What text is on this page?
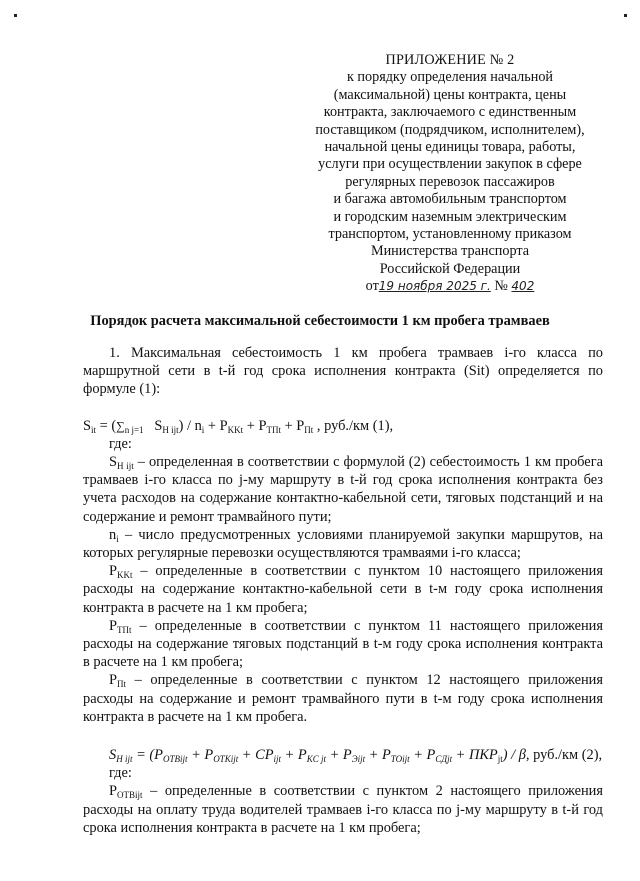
ПРИЛОЖЕНИЕ № 2
к порядку определения начальной
(максимальной) цены контракта, цены
контракта, заключаемого с единственным
поставщиком (подрядчиком, исполнителем),
начальной цены единицы товара, работы,
услуги при осуществлении закупок в сфере
регулярных перевозок пассажиров
и багажа автомобильным транспортом
и городским наземным электрическим
транспортом, установленному приказом
Министерства транспорта
Российской Федерации
от19 ноября 2025 г. № 402
Порядок расчета максимальной себестоимости 1 км пробега трамваев

1. Максимальная себестоимость 1 км пробега трамваев i-го класса по маршрутной сети в t-й год срока исполнения контракта (Sit) определяется по формуле (1):

$S_{it} = (\sum_{n j=1}$ $S_{H ijt}) / n_i + P_{KKt} + P_{ТПt} + P_{Пt}$ , руб./км (1),

где:

$S_{H ijt}$ – определенная в соответствии с формулой (2) себестоимость 1 км пробега трамваев i-го класса по j-му маршруту в t-й год срока исполнения контракта без учета расходов на содержание контактно-кабельной сети, тяговых подстанций и на содержание и ремонт трамвайного пути;

$n_i$ – число предусмотренных условиями планируемой закупки маршрутов, на которых регулярные перевозки осуществляются трамваями i-го класса;

$P_{KKt}$ – определенные в соответствии с пунктом 10 настоящего приложения расходы на содержание контактно-кабельной сети в t-м году срока исполнения контракта в расчете на 1 км пробега;

$P_{ТПt}$ – определенные в соответствии с пунктом 11 настоящего приложения расходы на содержание тяговых подстанций в t-м году срока исполнения контракта в расчете на 1 км пробега;

$P_{Пt}$ – определенные в соответствии с пунктом 12 настоящего приложения расходы на содержание и ремонт трамвайного пути в t-м году срока исполнения контракта в расчете на 1 км пробега.

$S_{H ijt} = (P_{OTBijt} + P_{OTKijt} + CP_{ijt} + P_{KC jt} + P_{Эijt} + P_{TOijt} + P_{СДjt} + ПКР_{jt}) / \beta$, руб./км (2),

где:

$P_{OTBijt}$ – определенные в соответствии с пунктом 2 настоящего приложения расходы на оплату труда водителей трамваев i-го класса по j-му маршруту в t-й год срока исполнения контракта в расчете на 1 км пробега;
